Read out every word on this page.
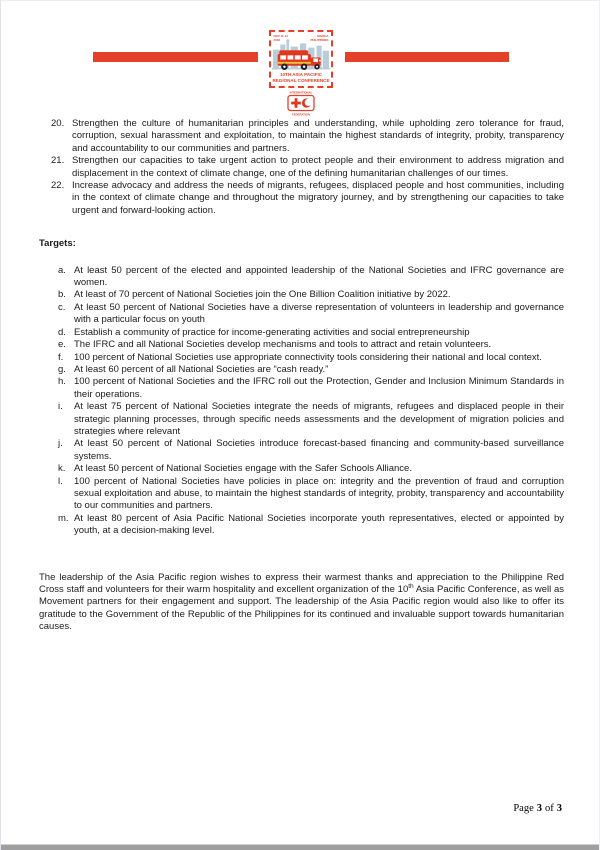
NOV 11-14
2018
MANILA
PHILIPPINES
10TH ASIA PACIFIC
REGIONAL CONFERENCE
INTERNATIONAL
FEDERATION
20. Strengthen the culture of humanitarian principles and understanding, while upholding zero tolerance for fraud, corruption, sexual harassment and exploitation, to maintain the highest standards of integrity, probity, transparency and accountability to our communities and partners.
21. Strengthen our capacities to take urgent action to protect people and their environment to address migration and displacement in the context of climate change, one of the defining humanitarian challenges of our times.
22. Increase advocacy and address the needs of migrants, refugees, displaced people and host communities, including in the context of climate change and throughout the migratory journey, and by strengthening our capacities to take urgent and forward-looking action.
Targets:
a. At least 50 percent of the elected and appointed leadership of the National Societies and IFRC governance are women.
b. At least of 70 percent of National Societies join the One Billion Coalition initiative by 2022.
c. At least 50 percent of National Societies have a diverse representation of volunteers in leadership and governance with a particular focus on youth
d. Establish a community of practice for income-generating activities and social entrepreneurship
e. The IFRC and all National Societies develop mechanisms and tools to attract and retain volunteers.
f.	100 percent of National Societies use appropriate connectivity tools considering their national and local context.
g. At least 60 percent of all National Societies are “cash ready.”
h. 100 percent of National Societies and the IFRC roll out the Protection, Gender and Inclusion Minimum Standards in their operations.
i.	At least 75 percent of National Societies integrate the needs of migrants, refugees and displaced people in their strategic planning processes, through specific needs assessments and the development of migration policies and strategies where relevant
j.	At least 50 percent of National Societies introduce forecast-based financing and community-based surveillance systems.
k. At least 50 percent of National Societies engage with the Safer Schools Alliance.
l.	100 percent of National Societies have policies in place on: integrity and the prevention of fraud and corruption sexual exploitation and abuse, to maintain the highest standards of integrity, probity, transparency and accountability to our communities and partners.
m. At least 80 percent of Asia Pacific National Societies incorporate youth representatives, elected or appointed by youth, at a decision-making level.
The leadership of the Asia Pacific region wishes to express their warmest thanks and appreciation to the Philippine Red Cross staff and volunteers for their warm hospitality and excellent organization of the 10th Asia Pacific Conference, as well as Movement partners for their engagement and support. The leadership of the Asia Pacific region would also like to offer its gratitude to the Government of the Republic of the Philippines for its continued and invaluable support towards humanitarian causes.
Page 3 of 3
